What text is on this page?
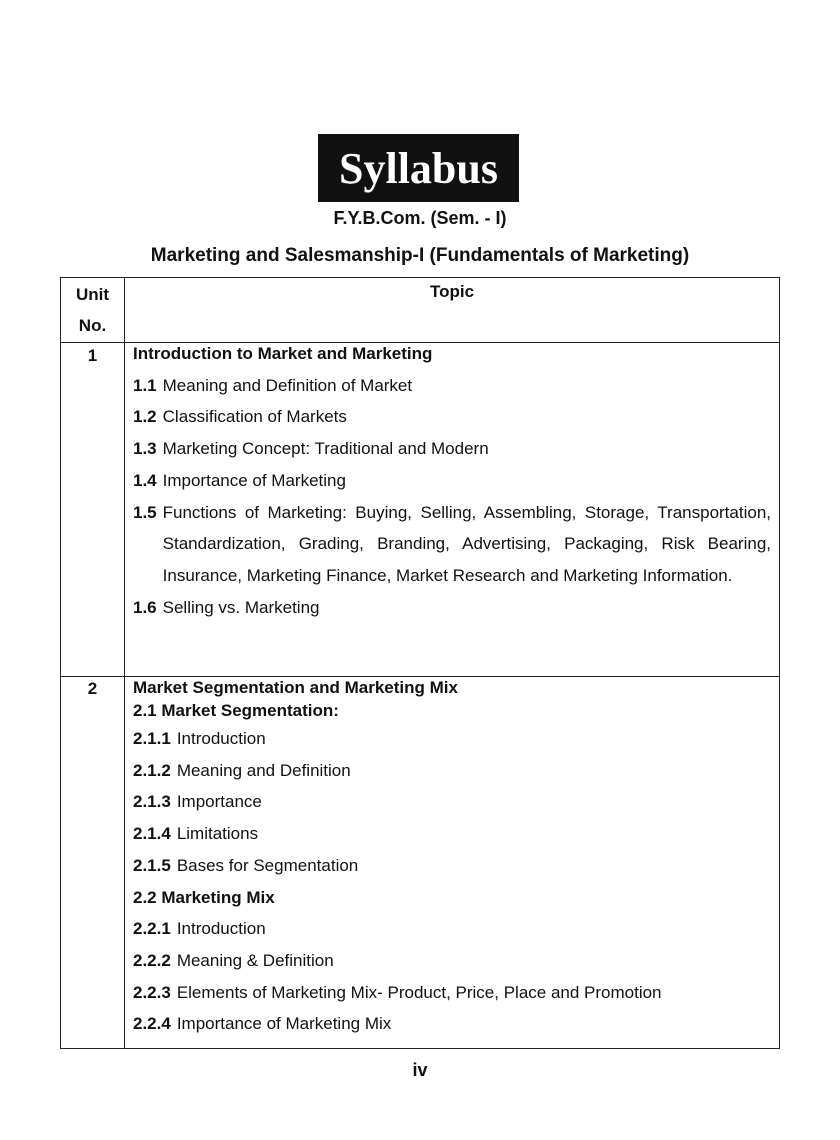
Syllabus
F.Y.B.Com. (Sem. - I)
Marketing and Salesmanship-I (Fundamentals of Marketing)
Unit
No.
Topic
1	Introduction to Market and Marketing
1.1 Meaning and Definition of Market
1.2 Classification of Markets
1.3 Marketing Concept: Traditional and Modern
1.4 Importance of Marketing
1.5 Functions of Marketing: Buying, Selling, Assembling, Storage, Transportation, Standardization, Grading, Branding, Advertising, Packaging, Risk Bearing, Insurance, Marketing Finance, Market Research and Marketing Information.
1.6 Selling vs. Marketing
2	Market Segmentation and Marketing Mix
2.1 Market Segmentation:
2.1.1 Introduction
2.1.2 Meaning and Definition
2.1.3 Importance
2.1.4 Limitations
2.1.5 Bases for Segmentation
2.2 Marketing Mix
2.2.1 Introduction
2.2.2 Meaning & Definition
2.2.3 Elements of Marketing Mix- Product, Price, Place and Promotion
2.2.4 Importance of Marketing Mix
iv
